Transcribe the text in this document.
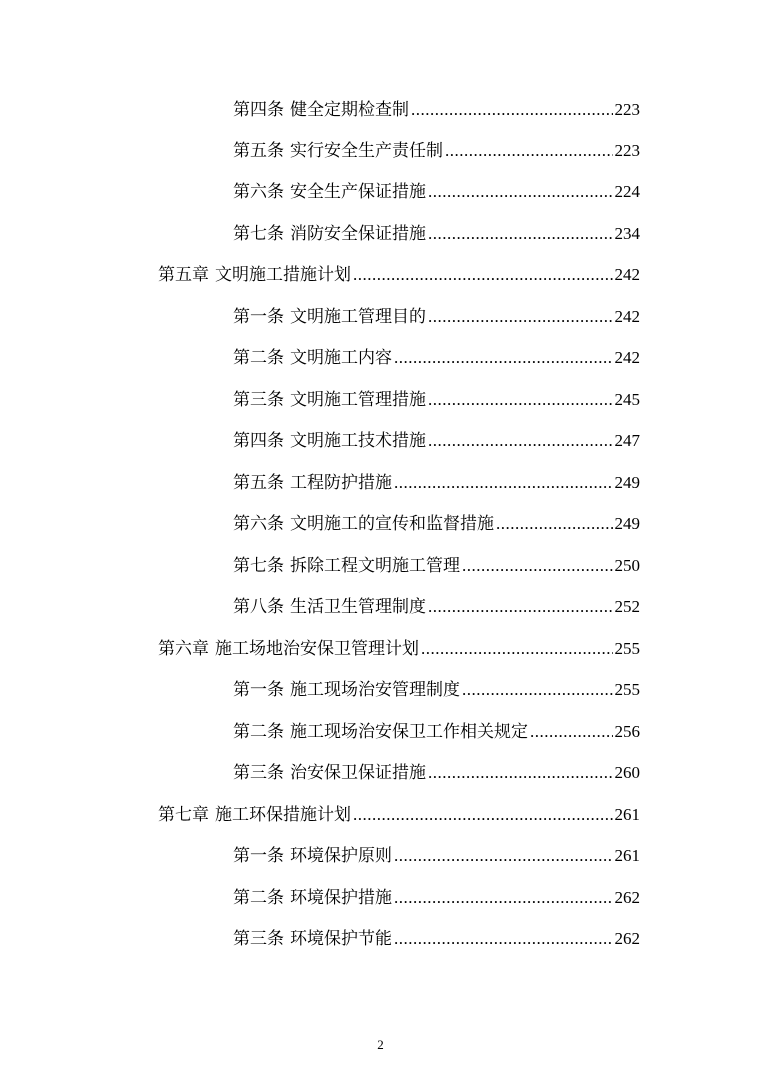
第四条 健全定期检查制 .....	223
第五条 实行安全生产责任制 .....	223
第六条 安全生产保证措施 .....	224
第七条 消防安全保证措施 .....	234
第五章 文明施工措施计划 .....	242
第一条 文明施工管理目的 .....	242
第二条 文明施工内容 .....	242
第三条 文明施工管理措施 .....	245
第四条 文明施工技术措施 .....	247
第五条 工程防护措施 .....	249
第六条 文明施工的宣传和监督措施 .....	249
第七条 拆除工程文明施工管理 .....	250
第八条 生活卫生管理制度 .....	252
第六章 施工场地治安保卫管理计划 .....	255
第一条 施工现场治安管理制度 .....	255
第二条 施工现场治安保卫工作相关规定 .....	256
第三条 治安保卫保证措施 .....	260
第七章 施工环保措施计划 .....	261
第一条 环境保护原则 .....	261
第二条 环境保护措施 .....	262
第三条 环境保护节能 .....	262
2
